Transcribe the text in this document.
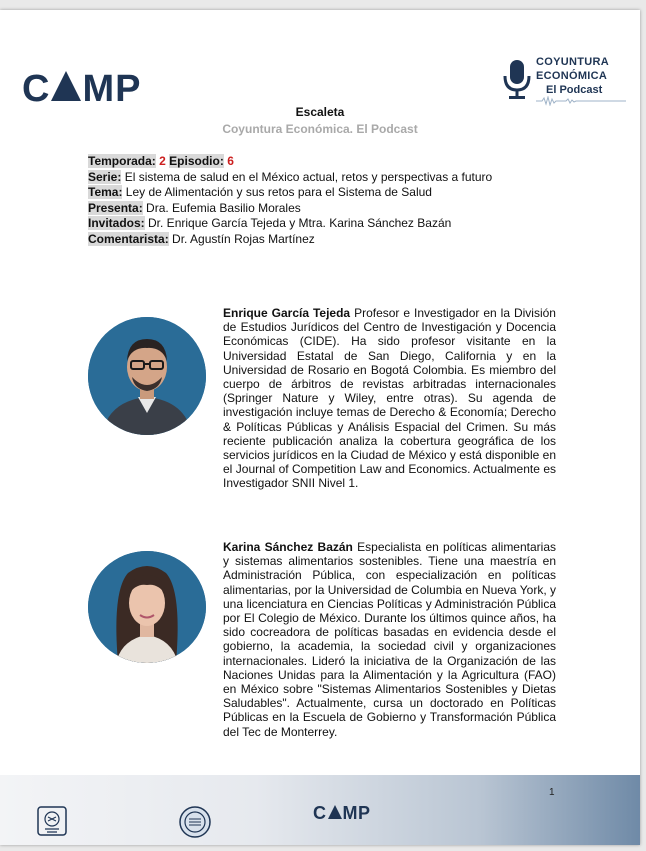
C MP
COYUNTURA
ECONÓMICA
El Podcast
Escaleta
Coyuntura Económica. El Podcast
Temporada: 2 Episodio: 6
Serie: El sistema de salud en el México actual, retos y perspectivas a futuro
Tema: Ley de Alimentación y sus retos para el Sistema de Salud
Presenta: Dra. Eufemia Basilio Morales
Invitados: Dr. Enrique García Tejeda y Mtra. Karina Sánchez Bazán
Comentarista: Dr. Agustín Rojas Martínez
Enrique García Tejeda Profesor e Investigador en la División de Estudios Jurídicos del Centro de Investigación y Docencia Económicas (CIDE). Ha sido profesor visitante en la Universidad Estatal de San Diego, California y en la Universidad de Rosario en Bogotá Colombia. Es miembro del cuerpo de árbitros de revistas arbitradas internacionales (Springer Nature y Wiley, entre otras). Su agenda de investigación incluye temas de Derecho & Economía; Derecho & Políticas Públicas y Análisis Espacial del Crimen. Su más reciente publicación analiza la cobertura geográfica de los servicios jurídicos en la Ciudad de México y está disponible en el Journal of Competition Law and Economics. Actualmente es Investigador SNII Nivel 1.
Karina Sánchez Bazán Especialista en políticas alimentarias y sistemas alimentarios sostenibles. Tiene una maestría en Administración Pública, con especialización en políticas alimentarias, por la Universidad de Columbia en Nueva York, y una licenciatura en Ciencias Políticas y Administración Pública por El Colegio de México. Durante los últimos quince años, ha sido cocreadora de políticas basadas en evidencia desde el gobierno, la academia, la sociedad civil y organizaciones internacionales. Lideró la iniciativa de la Organización de las Naciones Unidas para la Alimentación y la Agricultura (FAO) en México sobre "Sistemas Alimentarios Sostenibles y Dietas Saludables". Actualmente, cursa un doctorado en Políticas Públicas en la Escuela de Gobierno y Transformación Pública del Tec de Monterrey.
C MP
1
